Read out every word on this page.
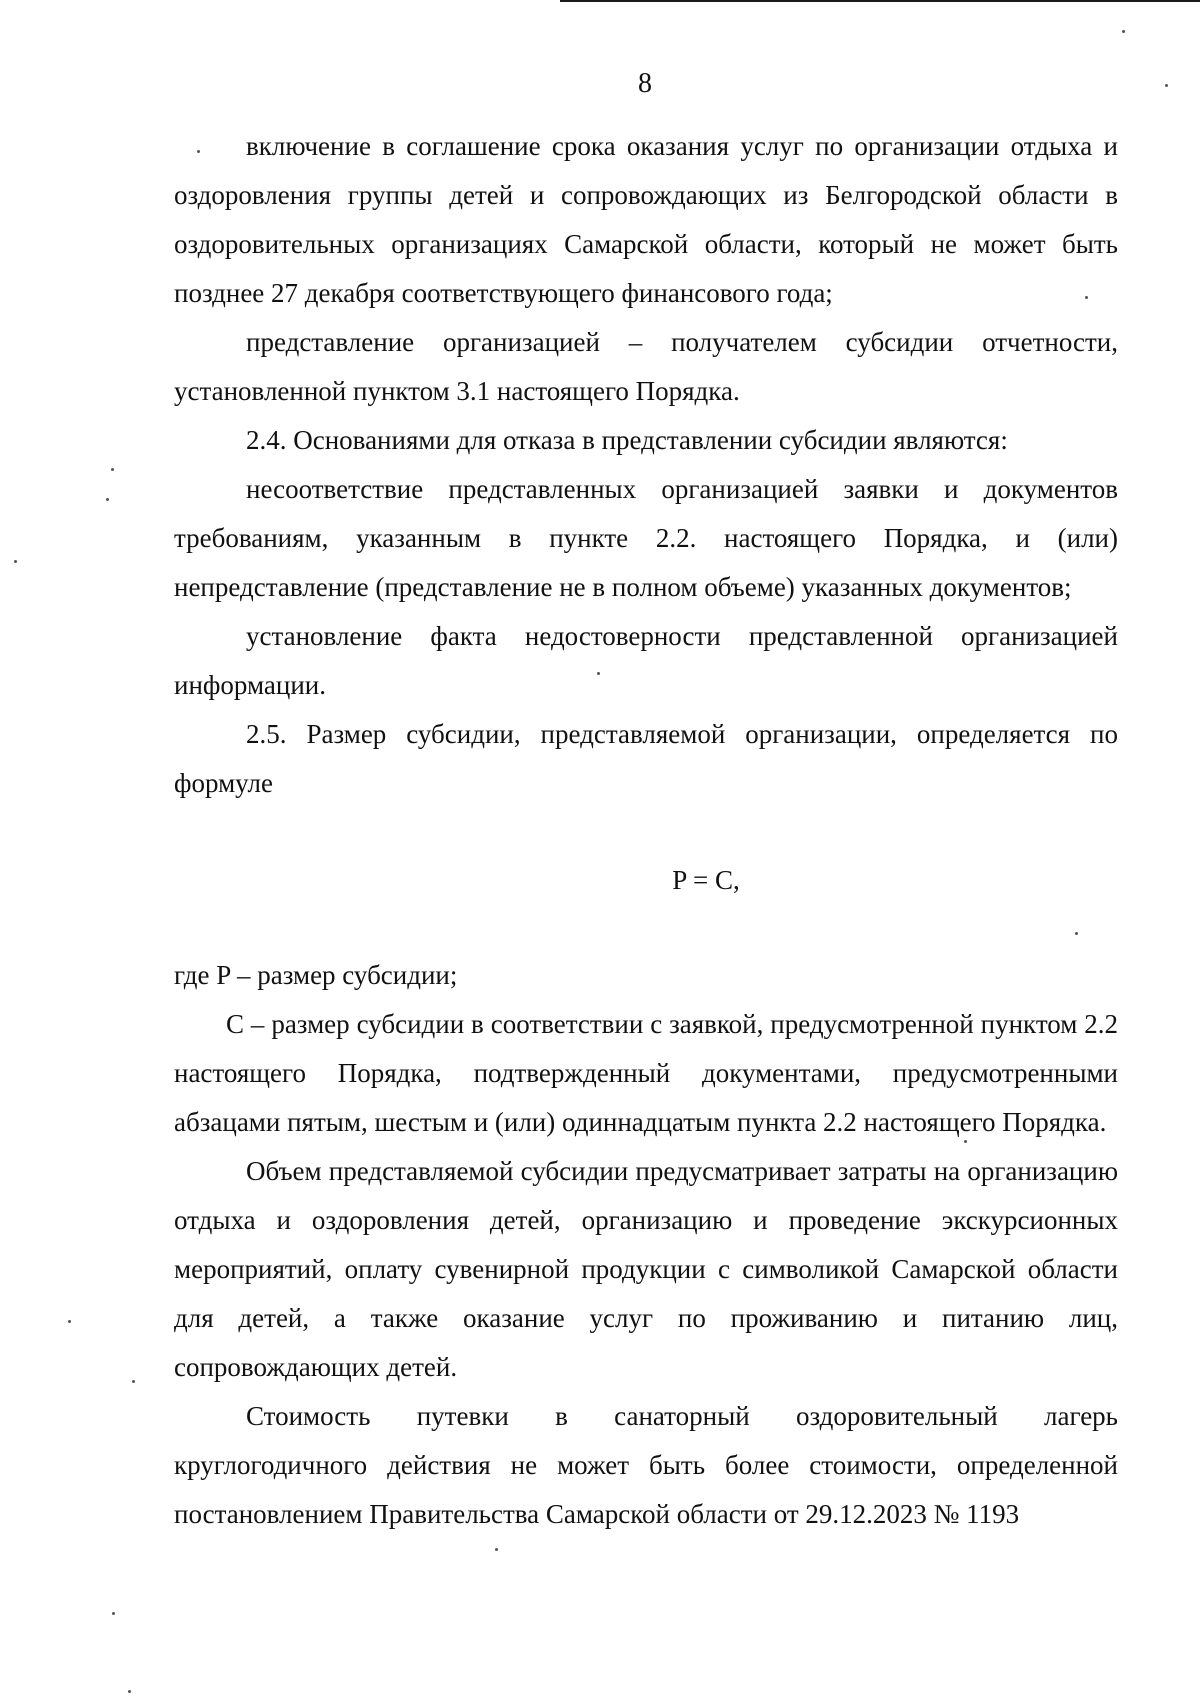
8

включение в соглашение срока оказания услуг по организации отдыха и оздоровления группы детей и сопровождающих из Белгородской области в оздоровительных организациях Самарской области, который не может быть позднее 27 декабря соответствующего финансового года;

представление организацией – получателем субсидии отчетности, установленной пунктом 3.1 настоящего Порядка.

2.4. Основаниями для отказа в представлении субсидии являются:

несоответствие представленных организацией заявки и документов требованиям, указанным в пункте 2.2. настоящего Порядка, и (или) непредставление (представление не в полном объеме) указанных документов;

установление факта недостоверности представленной организацией информации.

2.5. Размер субсидии, представляемой организации, определяется по формуле

P = C,

где P – размер субсидии;

C – размер субсидии в соответствии с заявкой, предусмотренной пунктом 2.2 настоящего Порядка, подтвержденный документами, предусмотренными абзацами пятым, шестым и (или) одиннадцатым пункта 2.2 настоящего Порядка.

Объем представляемой субсидии предусматривает затраты на организацию отдыха и оздоровления детей, организацию и проведение экскурсионных мероприятий, оплату сувенирной продукции с символикой Самарской области для детей, а также оказание услуг по проживанию и питанию лиц, сопровождающих детей.

Стоимость путевки в санаторный оздоровительный лагерь круглогодичного действия не может быть более стоимости, определенной постановлением Правительства Самарской области от 29.12.2023 № 1193
